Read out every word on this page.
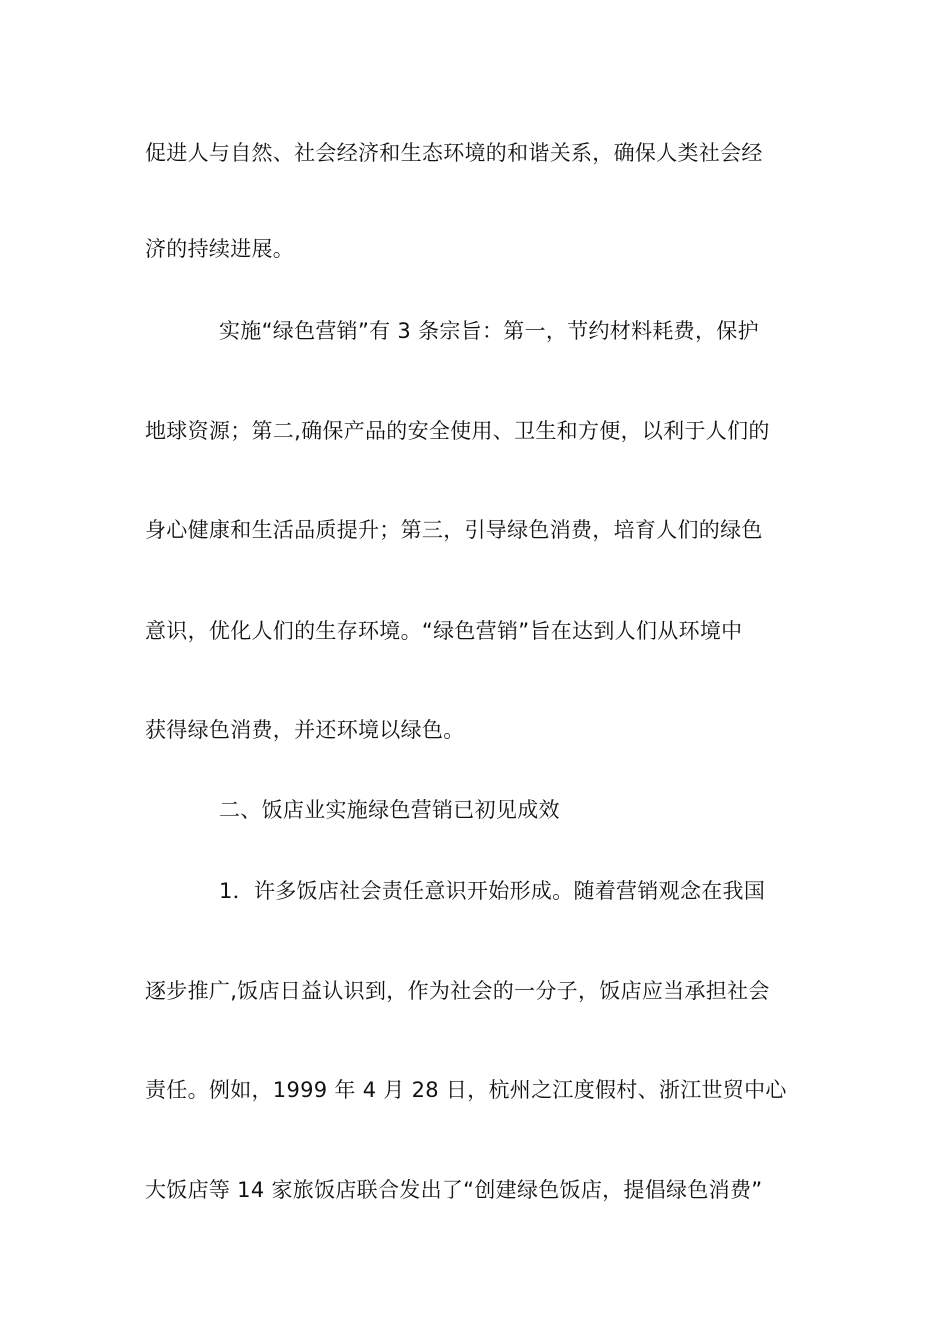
促进人与自然、社会经济和生态环境的和谐关系，确保人类社会经
济的持续进展。
实施“绿色营销”有 3 条宗旨：第一，节约材料耗费，保护
地球资源；第二,确保产品的安全使用、卫生和方便，以利于人们的
身心健康和生活品质提升；第三，引导绿色消费，培育人们的绿色
意识，优化人们的生存环境。“绿色营销”旨在达到人们从环境中
获得绿色消费，并还环境以绿色。
二、饭店业实施绿色营销已初见成效
1．许多饭店社会责任意识开始形成。随着营销观念在我国
逐步推广,饭店日益认识到，作为社会的一分子，饭店应当承担社会
责任。例如，1999 年 4 月 28 日，杭州之江度假村、浙江世贸中心
大饭店等 14 家旅饭店联合发出了“创建绿色饭店，提倡绿色消费”
